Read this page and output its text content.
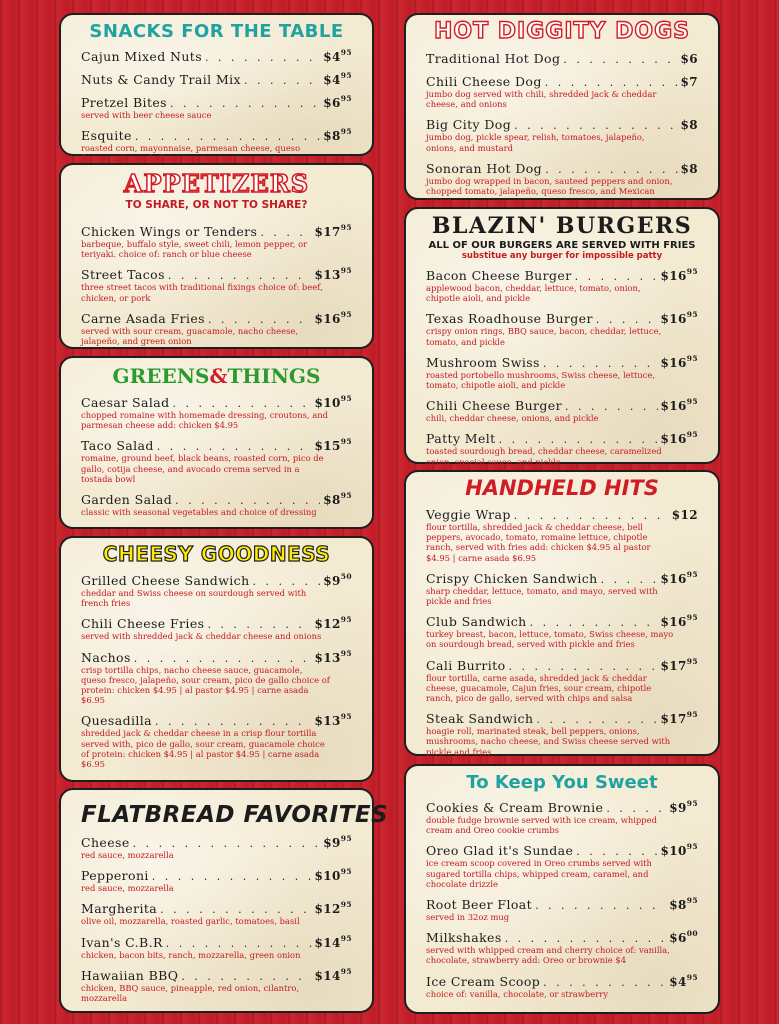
SNACKS FOR THE TABLE
Cajun Mixed Nuts . . .	$\$4^{95}$
Nuts & Candy Trail Mix . . .	$\$4^{95}$
Pretzel Bites . . .	$\$6^{95}$
served with beer cheese sauce
Esquite . . .	$\$8^{95}$
roasted corn, mayonnaise, parmesan cheese, queso fresco, tajin, and cilantro
APPETIZERS
TO SHARE, OR NOT TO SHARE?
Chicken Wings or Tenders . . .	$\$17^{95}$
barbeque, buffalo style, sweet chili, lemon pepper, or teriyaki. choice of: ranch or blue cheese
Street Tacos . . .	$\$13^{95}$
three street tacos with traditional fixings choice of: beef, chicken, or pork
Carne Asada Fries . . .	$\$16^{95}$
served with sour cream, guacamole, nacho cheese, jalapeño, and green onion
GREENS&THINGS
Caesar Salad . . .	$\$10^{95}$
chopped romaine with homemade dressing, croutons, and parmesan cheese add: chicken $4.95
Taco Salad . . .	$\$15^{95}$
romaine, ground beef, black beans, roasted corn, pico de gallo, cotija cheese, and avocado crema served in a tostada bowl
Garden Salad . . .	$\$8^{95}$
classic with seasonal vegetables and choice of dressing
CHEESY GOODNESS
Grilled Cheese Sandwich . . .	$\$9^{50}$
cheddar and Swiss cheese on sourdough served with french fries
Chili Cheese Fries . . .	$\$12^{95}$
served with shredded jack & cheddar cheese and onions
Nachos . . .	$\$13^{95}$
crisp tortilla chips, nacho cheese sauce, guacamole, queso fresco, jalapeño, sour cream, pico de gallo choice of protein: chicken $4.95 | al pastor $4.95 | carne asada $6.95
Quesadilla . . .	$\$13^{95}$
shredded jack & cheddar cheese in a crisp flour tortilla served with, pico de gallo, sour cream, guacamole choice of protein: chicken $4.95 | al pastor $4.95 | carne asada $6.95
FLATBREAD FAVORITES
Cheese . . .	$\$9^{95}$
red sauce, mozzarella
Pepperoni . . .	$\$10^{95}$
red sauce, mozzarella
Margherita . . .	$\$12^{95}$
olive oil, mozzarella, roasted garlic, tomatoes, basil
Ivan's C.B.R . . .	$\$14^{95}$
chicken, bacon bits, ranch, mozzarella, green onion
Hawaiian BBQ . . .	$\$14^{95}$
chicken, BBQ sauce, pineapple, red onion, cilantro, mozzarella
HOT DIGGITY DOGS
Traditional Hot Dog . . .	$6
Chili Cheese Dog . . .	$7
jumbo dog served with chili, shredded jack & cheddar cheese, and onions
Big City Dog . . .	$8
jumbo dog, pickle spear, relish, tomatoes, jalapeño, onions, and mustard
Sonoran Hot Dog . . .	$8
jumbo dog wrapped in bacon, sauteed peppers and onion, chopped tomato, jalapeño, queso fresco, and Mexican crema
BLAZIN' BURGERS
ALL OF OUR BURGERS ARE SERVED WITH FRIES
substitue any burger for impossible patty
Bacon Cheese Burger . . .	$\$16^{95}$
applewood bacon, cheddar, lettuce, tomato, onion, chipotle aioli, and pickle
Texas Roadhouse Burger . . .	$\$16^{95}$
crispy onion rings, BBQ sauce, bacon, cheddar, lettuce, tomato, and pickle
Mushroom Swiss . . .	$\$16^{95}$
roasted portobello mushrooms, Swiss cheese, lettuce, tomato, chipotle aioli, and pickle
Chili Cheese Burger . . .	$\$16^{95}$
chili, cheddar cheese, onions, and pickle
Patty Melt . . .	$\$16^{95}$
toasted sourdough bread, cheddar cheese, caramelized onion, special sauce, and pickle
HANDHELD HITS
Veggie Wrap . . .	$12
flour tortilla, shredded jack & cheddar cheese, bell peppers, avocado, tomato, romaine lettuce, chipotle ranch, served with fries add: chicken $4.95 al pastor $4.95 | carne asada $6.95
Crispy Chicken Sandwich . . .	$\$16^{95}$
sharp cheddar, lettuce, tomato, and mayo, served with pickle and fries
Club Sandwich . . .	$\$16^{95}$
turkey breast, bacon, lettuce, tomato, Swiss cheese, mayo on sourdough bread, served with pickle and fries
Cali Burrito . . .	$\$17^{95}$
flour tortilla, carne asada, shredded jack & cheddar cheese, guacamole, Cajun fries, sour cream, chipotle ranch, pico de gallo, served with chips and salsa
Steak Sandwich . . .	$\$17^{95}$
hoagie roll, marinated steak, bell peppers, onions, mushrooms, nacho cheese, and Swiss cheese served with pickle and fries
To Keep You Sweet
Cookies & Cream Brownie . . .	$\$9^{95}$
double fudge brownie served with ice cream, whipped cream and Oreo cookie crumbs
Oreo Glad it's Sundae . . .	$\$10^{95}$
ice cream scoop covered in Oreo crumbs served with sugared tortilla chips, whipped cream, caramel, and chocolate drizzle
Root Beer Float . . .	$\$8^{95}$
served in 32oz mug
Milkshakes . . .	$\$6^{00}$
served with whipped cream and cherry choice of: vanilla, chocolate, strawberry add: Oreo or brownie $4
Ice Cream Scoop . . .	$\$4^{95}$
choice of: vanilla, chocolate, or strawberry
